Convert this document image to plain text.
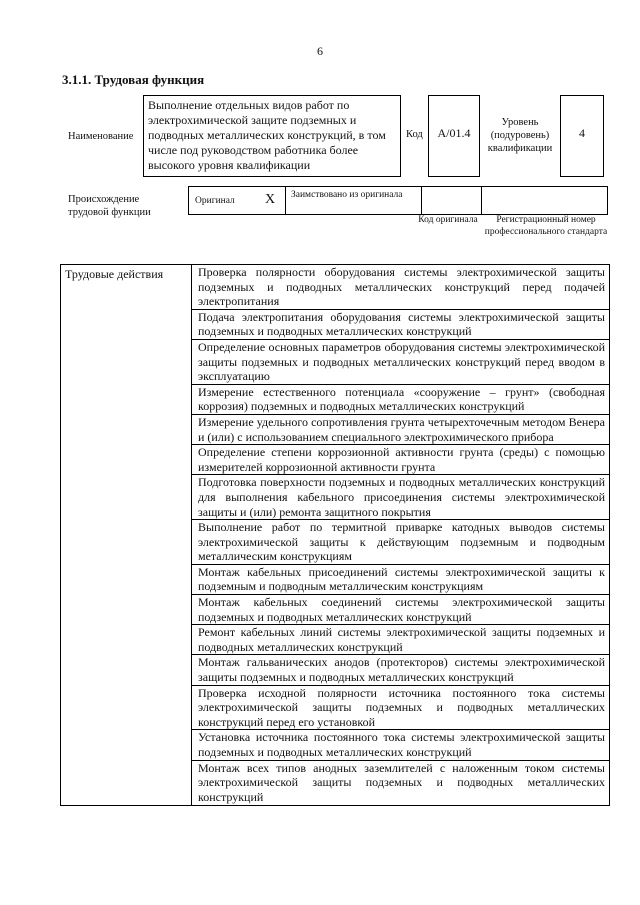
6
3.1.1. Трудовая функция
Наименование
Выполнение отдельных видов работ по электрохимической защите подземных и подводных металлических конструкций, в том числе под руководством работника более высокого уровня квалификации
Код	А/01.4
Уровень (подуровень) квалификации
4
Происхождение трудовой функции
Оригинал Х Заимствовано из оригинала
Код оригинала	Регистрационный номер профессионального стандарта
Трудовые действия	Проверка полярности оборудования системы электрохимической защиты подземных и подводных металлических конструкций перед подачей электропитания
Подача электропитания оборудования системы электрохимической защиты подземных и подводных металлических конструкций
Определение основных параметров оборудования системы электрохимической защиты подземных и подводных металлических конструкций перед вводом в эксплуатацию
Измерение естественного потенциала «сооружение – грунт» (свободная коррозия) подземных и подводных металлических конструкций
Измерение удельного сопротивления грунта четырехточечным методом Венера и (или) с использованием специального электрохимического прибора
Определение степени коррозионной активности грунта (среды) с помощью измерителей коррозионной активности грунта
Подготовка поверхности подземных и подводных металлических конструкций для выполнения кабельного присоединения системы электрохимической защиты и (или) ремонта защитного покрытия
Выполнение работ по термитной приварке катодных выводов системы электрохимической защиты к действующим подземным и подводным металлическим конструкциям
Монтаж кабельных присоединений системы электрохимической защиты к подземным и подводным металлическим конструкциям
Монтаж кабельных соединений системы электрохимической защиты подземных и подводных металлических конструкций
Ремонт кабельных линий системы электрохимической защиты подземных и подводных металлических конструкций
Монтаж гальванических анодов (протекторов) системы электрохимической защиты подземных и подводных металлических конструкций
Проверка исходной полярности источника постоянного тока системы электрохимической защиты подземных и подводных металлических конструкций перед его установкой
Установка источника постоянного тока системы электрохимической защиты подземных и подводных металлических конструкций
Монтаж всех типов анодных заземлителей с наложенным током системы электрохимической защиты подземных и подводных металлических конструкций
